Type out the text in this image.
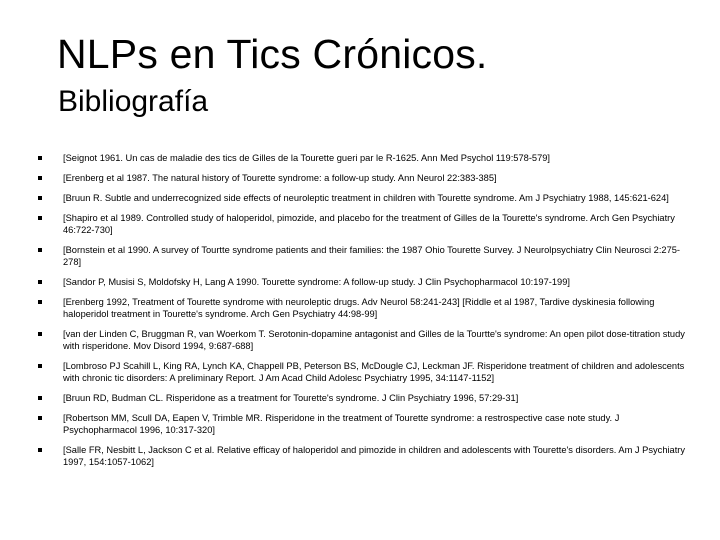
NLPs en Tics Crónicos.
Bibliografía
[Seignot 1961. Un cas de maladie des tics de Gilles de la Tourette gueri par le R-1625. Ann Med Psychol 119:578-579]
[Erenberg et al 1987. The natural history of Tourette syndrome: a follow-up study. Ann Neurol 22:383-385]
[Bruun R. Subtle and underrecognized side effects of neuroleptic treatment in children with Tourette syndrome. Am J Psychiatry 1988, 145:621-624]
[Shapiro et al 1989. Controlled study of haloperidol, pimozide, and placebo for the treatment of Gilles de la Tourette's syndrome. Arch Gen Psychiatry 46:722-730]
[Bornstein et al 1990. A survey of Tourtte syndrome patients and their families: the 1987 Ohio Tourette Survey. J Neurolpsychiatry Clin Neurosci 2:275-278]
[Sandor P, Musisi S, Moldofsky H, Lang A 1990. Tourette syndrome: A follow-up study. J Clin Psychopharmacol 10:197-199]
[Erenberg 1992, Treatment of Tourette syndrome with neuroleptic drugs. Adv Neurol 58:241-243] [Riddle et al 1987, Tardive dyskinesia following haloperidol treatment in Tourette's syndrome. Arch Gen Psychiatry 44:98-99]
[van der Linden C, Bruggman R, van Woerkom T. Serotonin-dopamine antagonist and Gilles de la Tourtte's syndrome: An open pilot dose-titration study with risperidone. Mov Disord 1994, 9:687-688]
[Lombroso PJ Scahill L, King RA, Lynch KA, Chappell PB, Peterson BS, McDougle CJ, Leckman JF. Risperidone treatment of children and adolescents with chronic tic disorders: A preliminary Report. J Am Acad Child Adolesc Psychiatry 1995, 34:1147-1152]
[Bruun RD, Budman CL. Risperidone as a treatment for Tourette's syndrome. J Clin Psychiatry 1996, 57:29-31]
[Robertson MM, Scull DA, Eapen V, Trimble MR. Risperidone in the treatment of Tourette syndrome: a restrospective case note study. J Psychopharmacol 1996, 10:317-320]
[Salle FR, Nesbitt L, Jackson C et al. Relative efficay of haloperidol and pimozide in children and adolescents with Tourette's disorders. Am J Psychiatry 1997, 154:1057-1062]
